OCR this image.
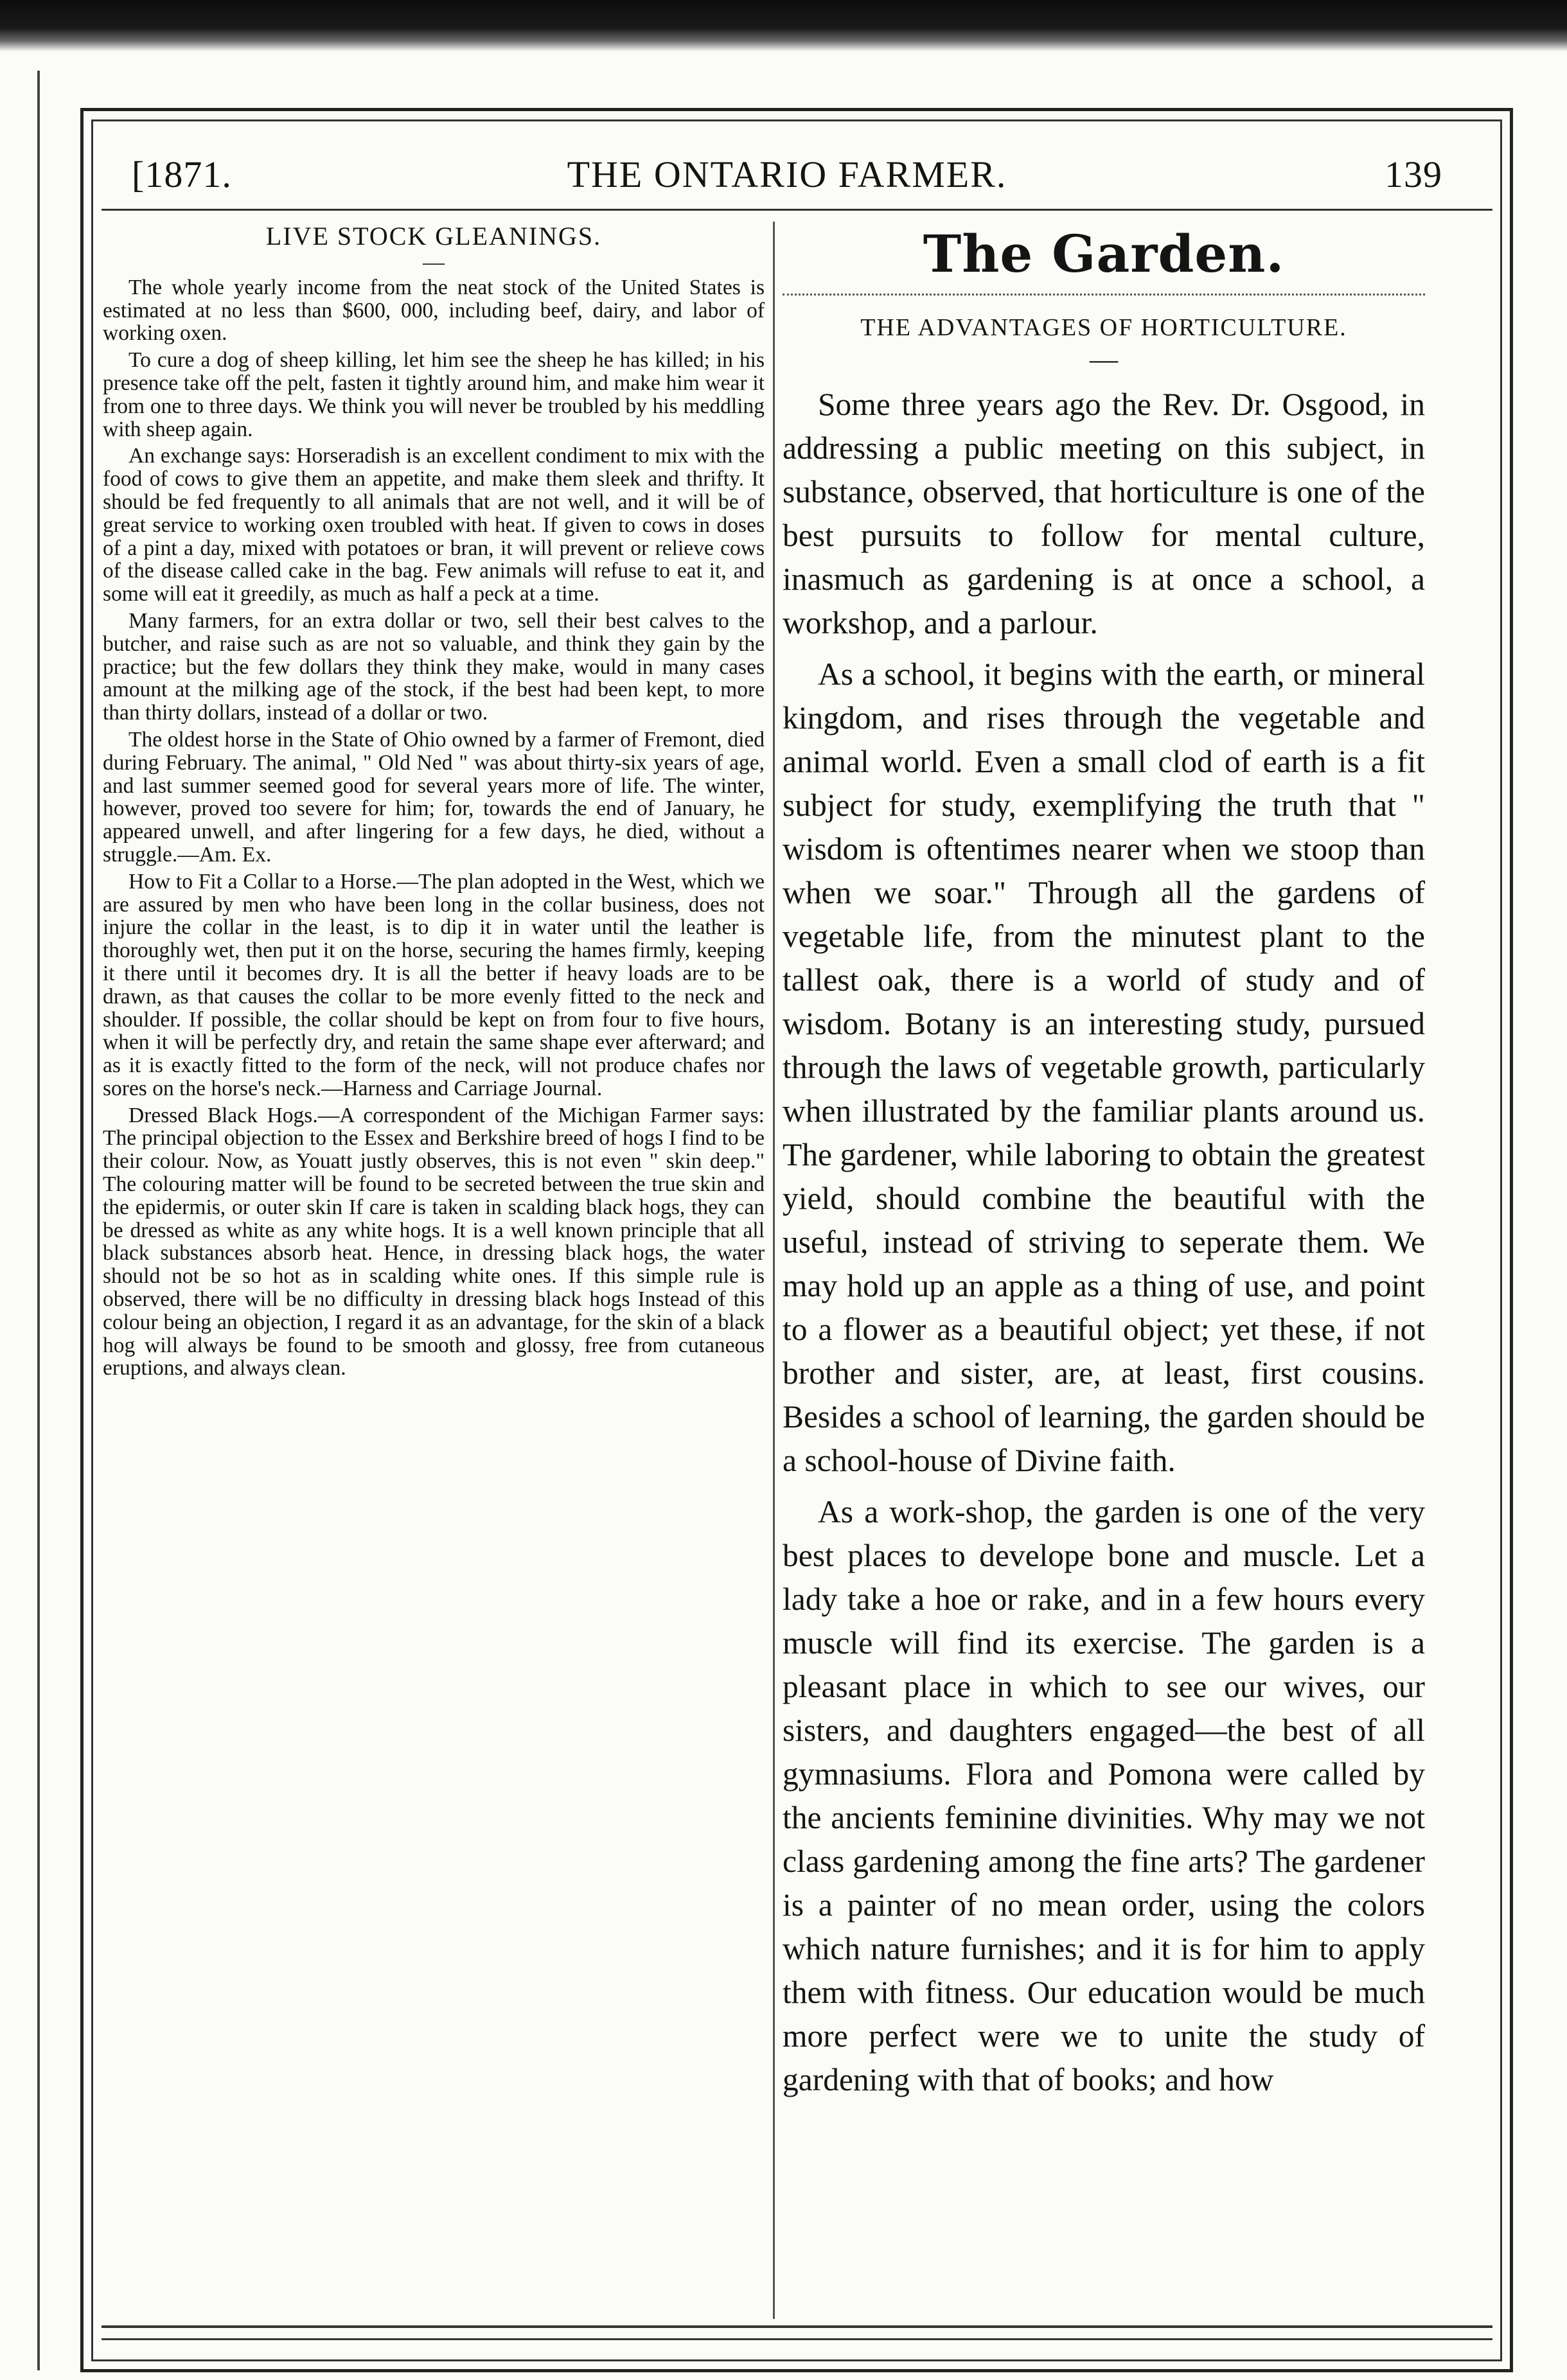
[1871.	THE ONTARIO FARMER.	139
LIVE STOCK GLEANINGS.
—

The whole yearly income from the neat stock of the United States is estimated at no less than $600, 000, including beef, dairy, and labor of working oxen.

To cure a dog of sheep killing, let him see the sheep he has killed; in his presence take off the pelt, fasten it tightly around him, and make him wear it from one to three days. We think you will never be troubled by his meddling with sheep again.

An exchange says: Horseradish is an excellent condiment to mix with the food of cows to give them an appetite, and make them sleek and thrifty. It should be fed frequently to all animals that are not well, and it will be of great service to working oxen troubled with heat. If given to cows in doses of a pint a day, mixed with potatoes or bran, it will prevent or relieve cows of the disease called cake in the bag. Few animals will refuse to eat it, and some will eat it greedily, as much as half a peck at a time.

Many farmers, for an extra dollar or two, sell their best calves to the butcher, and raise such as are not so valuable, and think they gain by the practice; but the few dollars they think they make, would in many cases amount at the milking age of the stock, if the best had been kept, to more than thirty dollars, instead of a dollar or two.

The oldest horse in the State of Ohio owned by a farmer of Fremont, died during February. The animal, " Old Ned " was about thirty-six years of age, and last summer seemed good for several years more of life. The winter, however, proved too severe for him; for, towards the end of January, he appeared unwell, and after lingering for a few days, he died, without a struggle.—Am. Ex.

How to Fit a Collar to a Horse.—The plan adopted in the West, which we are assured by men who have been long in the collar business, does not injure the collar in the least, is to dip it in water until the leather is thoroughly wet, then put it on the horse, securing the hames firmly, keeping it there until it becomes dry. It is all the better if heavy loads are to be drawn, as that causes the collar to be more evenly fitted to the neck and shoulder. If possible, the collar should be kept on from four to five hours, when it will be perfectly dry, and retain the same shape ever afterward; and as it is exactly fitted to the form of the neck, will not produce chafes nor sores on the horse's neck.—Harness and Carriage Journal.

Dressed Black Hogs.—A correspondent of the Michigan Farmer says: The principal objection to the Essex and Berkshire breed of hogs I find to be their colour. Now, as Youatt justly observes, this is not even " skin deep." The colouring matter will be found to be secreted between the true skin and the epidermis, or outer skin If care is taken in scalding black hogs, they can be dressed as white as any white hogs. It is a well known principle that all black substances absorb heat. Hence, in dressing black hogs, the water should not be so hot as in scalding white ones. If this simple rule is observed, there will be no difficulty in dressing black hogs Instead of this colour being an objection, I regard it as an advantage, for the skin of a black hog will always be found to be smooth and glossy, free from cutaneous eruptions, and always clean.

The Garden.
THE ADVANTAGES OF HORTICULTURE.
—

Some three years ago the Rev. Dr. Osgood, in addressing a public meeting on this subject, in substance, observed, that horticulture is one of the best pursuits to follow for mental culture, inasmuch as gardening is at once a school, a workshop, and a parlour.

As a school, it begins with the earth, or mineral kingdom, and rises through the vegetable and animal world. Even a small clod of earth is a fit subject for study, exemplifying the truth that " wisdom is oftentimes nearer when we stoop than when we soar." Through all the gardens of vegetable life, from the minutest plant to the tallest oak, there is a world of study and of wisdom. Botany is an interesting study, pursued through the laws of vegetable growth, particularly when illustrated by the familiar plants around us. The gardener, while laboring to obtain the greatest yield, should combine the beautiful with the useful, instead of striving to seperate them. We may hold up an apple as a thing of use, and point to a flower as a beautiful object; yet these, if not brother and sister, are, at least, first cousins. Besides a school of learning, the garden should be a school-house of Divine faith.

As a work-shop, the garden is one of the very best places to develope bone and muscle. Let a lady take a hoe or rake, and in a few hours every muscle will find its exercise. The garden is a pleasant place in which to see our wives, our sisters, and daughters engaged—the best of all gymnasiums. Flora and Pomona were called by the ancients feminine divinities. Why may we not class gardening among the fine arts? The gardener is a painter of no mean order, using the colors which nature furnishes; and it is for him to apply them with fitness. Our education would be much more perfect were we to unite the study of gardening with that of books; and how
